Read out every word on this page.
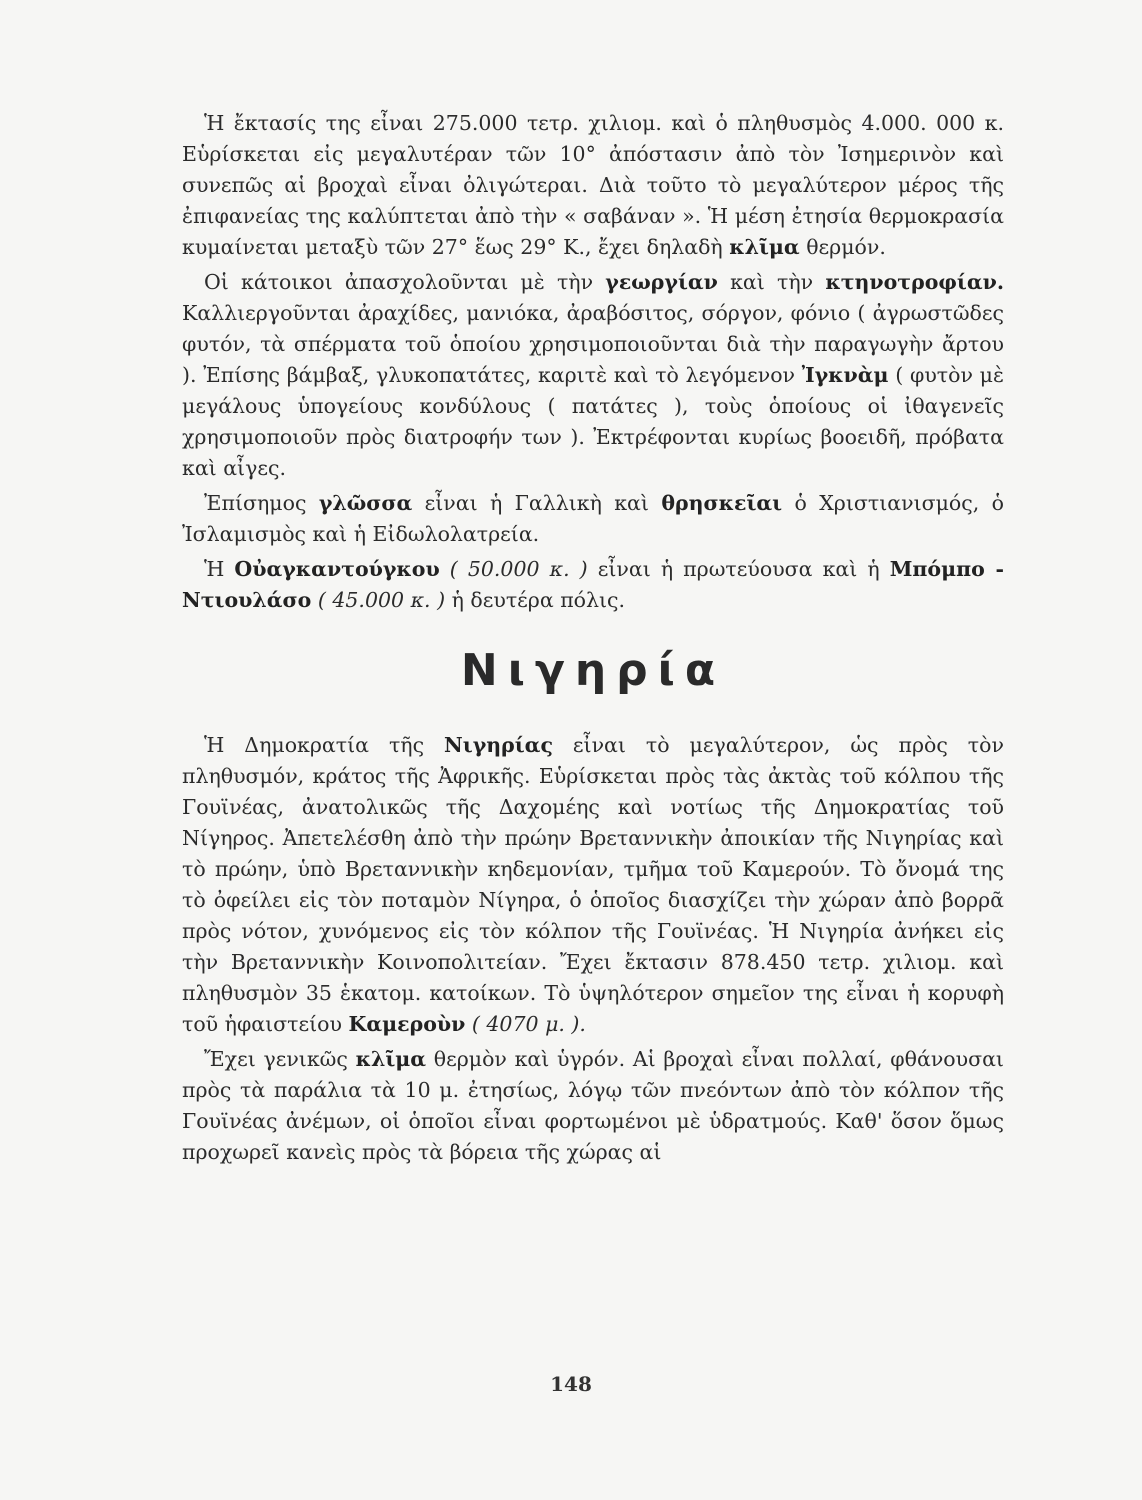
Ἡ ἔκτασίς της εἶναι 275.000 τετρ. χιλιομ. καὶ ὁ πληθυσμὸς 4.000. 000 κ. Εὑρίσκεται εἰς μεγαλυτέραν τῶν 10° ἀπόστασιν ἀπὸ τὸν Ἰσημερινὸν καὶ συνεπῶς αἱ βροχαὶ εἶναι ὀλιγώτεραι. Διὰ τοῦτο τὸ μεγαλύτερον μέρος τῆς ἐπιφανείας της καλύπτεται ἀπὸ τὴν « σαβάναν ». Ἡ μέση ἐτησία θερμοκρασία κυμαίνεται μεταξὺ τῶν 27° ἕως 29° Κ., ἔχει δηλαδὴ κλῖμα θερμόν.

Οἱ κάτοικοι ἀπασχολοῦνται μὲ τὴν γεωργίαν καὶ τὴν κτηνοτροφίαν. Καλλιεργοῦνται ἀραχίδες, μανιόκα, ἀραβόσιτος, σόργον, φόνιο ( ἀγρωστῶδες φυτόν, τὰ σπέρματα τοῦ ὁποίου χρησιμοποιοῦνται διὰ τὴν παραγωγὴν ἄρτου ). Ἐπίσης βάμβαξ, γλυκοπατάτες, καριτὲ καὶ τὸ λεγόμενον Ἰγκνὰμ ( φυτὸν μὲ μεγάλους ὑπογείους κονδύλους ( πατάτες ), τοὺς ὁποίους οἱ ἰθαγενεῖς χρησιμοποιοῦν πρὸς διατροφήν των ). Ἐκτρέφονται κυρίως βοοειδῆ, πρόβατα καὶ αἶγες.

Ἐπίσημος γλῶσσα εἶναι ἡ Γαλλικὴ καὶ θρησκεῖαι ὁ Χριστιανισμός, ὁ Ἰσλαμισμὸς καὶ ἡ Εἰδωλολατρεία.

Ἡ Οὐαγκαντούγκου ( 50.000 κ. ) εἶναι ἡ πρωτεύουσα καὶ ἡ Μπόμπο - Ντιουλάσο ( 45.000 κ. ) ἡ δευτέρα πόλις.

Νιγηρία

Ἡ Δημοκρατία τῆς Νιγηρίας εἶναι τὸ μεγαλύτερον, ὡς πρὸς τὸν πληθυσμόν, κράτος τῆς Ἀφρικῆς. Εὑρίσκεται πρὸς τὰς ἀκτὰς τοῦ κόλπου τῆς Γουϊνέας, ἀνατολικῶς τῆς Δαχομέης καὶ νοτίως τῆς Δημοκρατίας τοῦ Νίγηρος. Ἀπετελέσθη ἀπὸ τὴν πρώην Βρεταννικὴν ἀποικίαν τῆς Νιγηρίας καὶ τὸ πρώην, ὑπὸ Βρεταννικὴν κηδεμονίαν, τμῆμα τοῦ Καμερούν. Τὸ ὄνομά της τὸ ὀφείλει εἰς τὸν ποταμὸν Νίγηρα, ὁ ὁποῖος διασχίζει τὴν χώραν ἀπὸ βορρᾶ πρὸς νότον, χυνόμενος εἰς τὸν κόλπον τῆς Γουϊνέας. Ἡ Νιγηρία ἀνήκει εἰς τὴν Βρεταννικὴν Κοινοπολιτείαν. Ἔχει ἔκτασιν 878.450 τετρ. χιλιομ. καὶ πληθυσμὸν 35 ἑκατομ. κατοίκων. Τὸ ὑψηλότερον σημεῖον της εἶναι ἡ κορυφὴ τοῦ ἡφαιστείου Καμεροὺν ( 4070 μ. ).

Ἔχει γενικῶς κλῖμα θερμὸν καὶ ὑγρόν. Αἱ βροχαὶ εἶναι πολλαί, φθάνουσαι πρὸς τὰ παράλια τὰ 10 μ. ἐτησίως, λόγῳ τῶν πνεόντων ἀπὸ τὸν κόλπον τῆς Γουϊνέας ἀνέμων, οἱ ὁποῖοι εἶναι φορτωμένοι μὲ ὑδρατμούς. Καθ' ὅσον ὅμως προχωρεῖ κανεὶς πρὸς τὰ βόρεια τῆς χώρας αἱ

148
